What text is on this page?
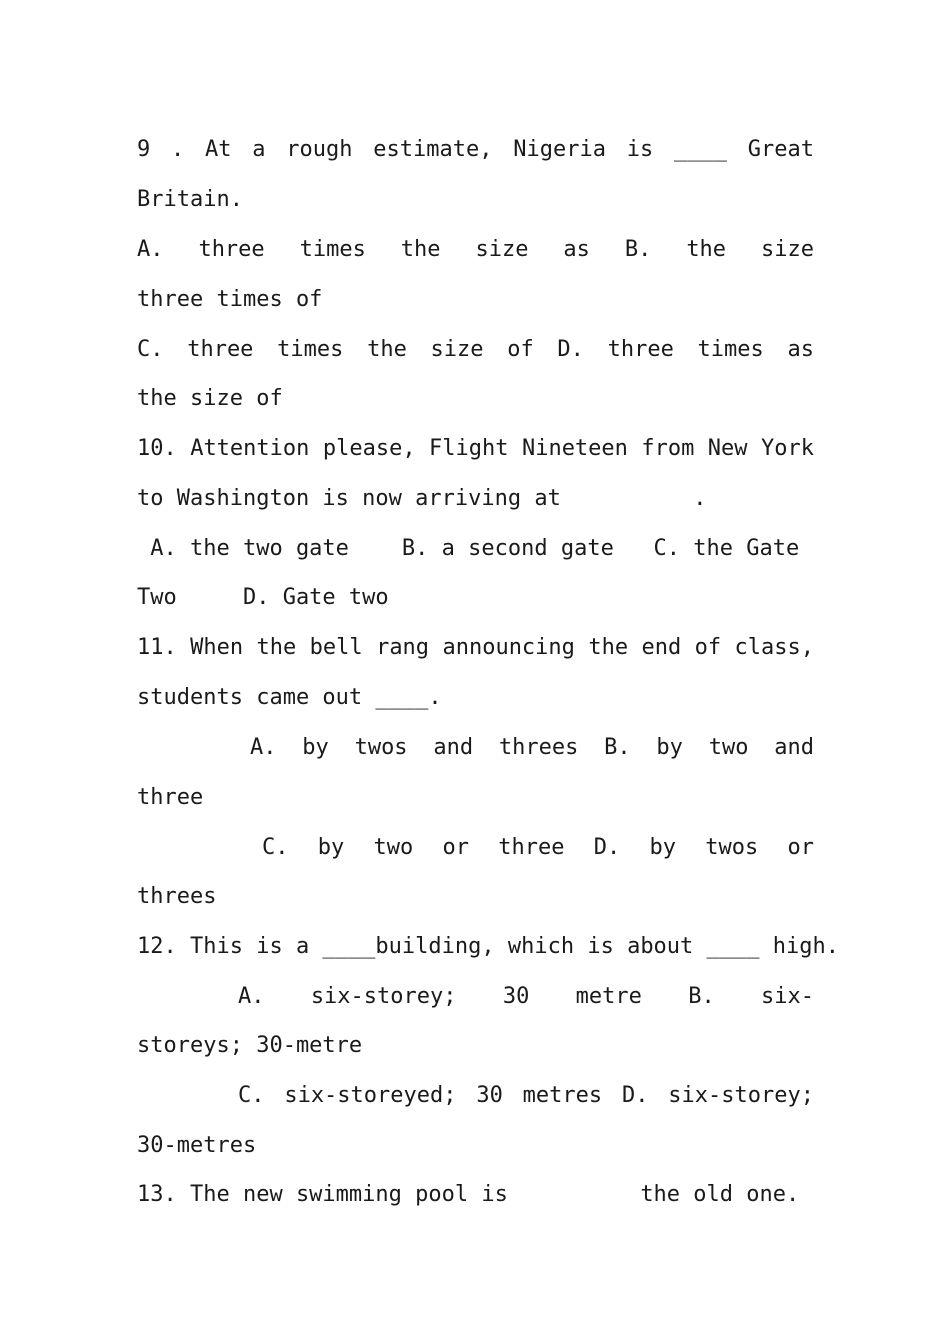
9 . At a rough estimate, Nigeria is ____ Great
Britain.
A. three times the size as B. the size
three times of
C. three times the size of D. three times as
the size of
10. Attention please, Flight Nineteen from New York
to Washington is now arriving at          .
A. the two gate    B. a second gate   C. the Gate
Two     D. Gate two
11. When the bell rang announcing the end of class,
students came out ____.
A. by twos and threes B. by two and
three
C. by two or three D. by twos or
threes
12. This is a ____building, which is about ____ high.
A. six-storey; 30 metre B. six-
storeys; 30-metre
C. six-storeyed; 30 metres D. six-storey;
30-metres
13. The new swimming pool is          the old one.
